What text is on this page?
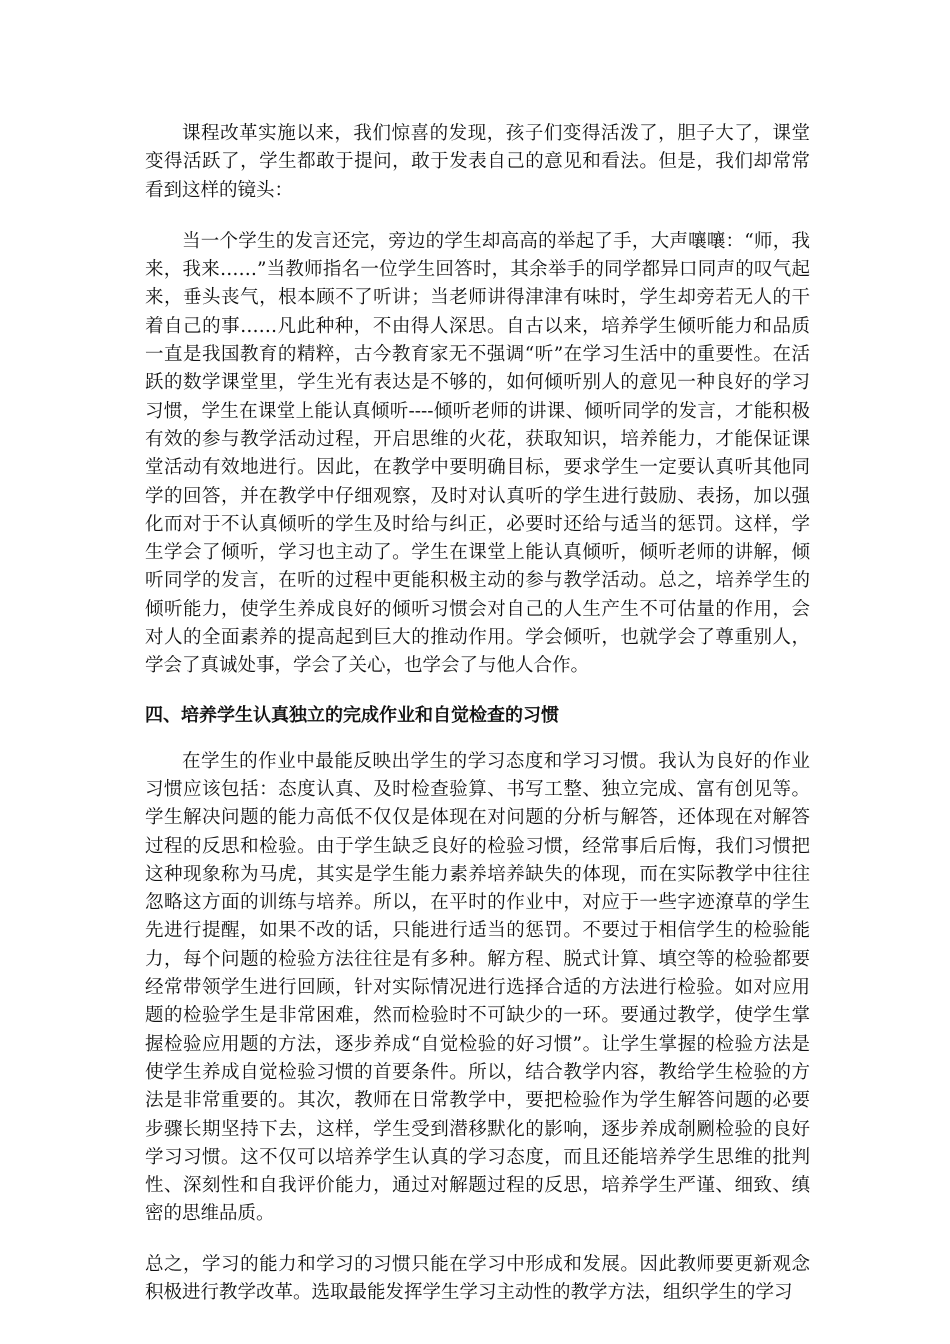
课程改革实施以来，我们惊喜的发现，孩子们变得活泼了，胆子大了，课堂变得活跃了，学生都敢于提问，敢于发表自己的意见和看法。但是，我们却常常看到这样的镜头：

当一个学生的发言还完，旁边的学生却高高的举起了手，大声嚷嚷：“师，我来，我来……”当教师指名一位学生回答时，其余举手的同学都异口同声的叹气起来，垂头丧气，根本顾不了听讲；当老师讲得津津有味时，学生却旁若无人的干着自己的事……凡此种种，不由得人深思。自古以来，培养学生倾听能力和品质一直是我国教育的精粹，古今教育家无不强调“听”在学习生活中的重要性。在活跃的数学课堂里，学生光有表达是不够的，如何倾听别人的意见一种良好的学习习惯，学生在课堂上能认真倾听----倾听老师的讲课、倾听同学的发言，才能积极有效的参与教学活动过程，开启思维的火花，获取知识，培养能力，才能保证课堂活动有效地进行。因此，在教学中要明确目标，要求学生一定要认真听其他同学的回答，并在教学中仔细观察，及时对认真听的学生进行鼓励、表扬，加以强化而对于不认真倾听的学生及时给与纠正，必要时还给与适当的惩罚。这样，学生学会了倾听，学习也主动了。学生在课堂上能认真倾听，倾听老师的讲解，倾听同学的发言，在听的过程中更能积极主动的参与教学活动。总之，培养学生的倾听能力，使学生养成良好的倾听习惯会对自己的人生产生不可估量的作用，会对人的全面素养的提高起到巨大的推动作用。学会倾听，也就学会了尊重别人，学会了真诚处事，学会了关心，也学会了与他人合作。

四、培养学生认真独立的完成作业和自觉检查的习惯

在学生的作业中最能反映出学生的学习态度和学习习惯。我认为良好的作业习惯应该包括：态度认真、及时检查验算、书写工整、独立完成、富有创见等。学生解决问题的能力高低不仅仅是体现在对问题的分析与解答，还体现在对解答过程的反思和检验。由于学生缺乏良好的检验习惯，经常事后后悔，我们习惯把这种现象称为马虎，其实是学生能力素养培养缺失的体现，而在实际教学中往往忽略这方面的训练与培养。所以，在平时的作业中，对应于一些字迹潦草的学生先进行提醒，如果不改的话，只能进行适当的惩罚。不要过于相信学生的检验能力，每个问题的检验方法往往是有多种。解方程、脱式计算、填空等的检验都要经常带领学生进行回顾，针对实际情况进行选择合适的方法进行检验。如对应用题的检验学生是非常困难，然而检验时不可缺少的一环。要通过教学，使学生掌握检验应用题的方法，逐步养成“自觉检验的好习惯”。让学生掌握的检验方法是使学生养成自觉检验习惯的首要条件。所以，结合教学内容，教给学生检验的方法是非常重要的。其次，教师在日常教学中，要把检验作为学生解答问题的必要步骤长期坚持下去，这样，学生受到潜移默化的影响，逐步养成剞劂检验的良好学习习惯。这不仅可以培养学生认真的学习态度，而且还能培养学生思维的批判性、深刻性和自我评价能力，通过对解题过程的反思，培养学生严谨、细致、缜密的思维品质。

总之，学习的能力和学习的习惯只能在学习中形成和发展。因此教师要更新观念积极进行教学改革。选取最能发挥学生学习主动性的教学方法，组织学生的学习
